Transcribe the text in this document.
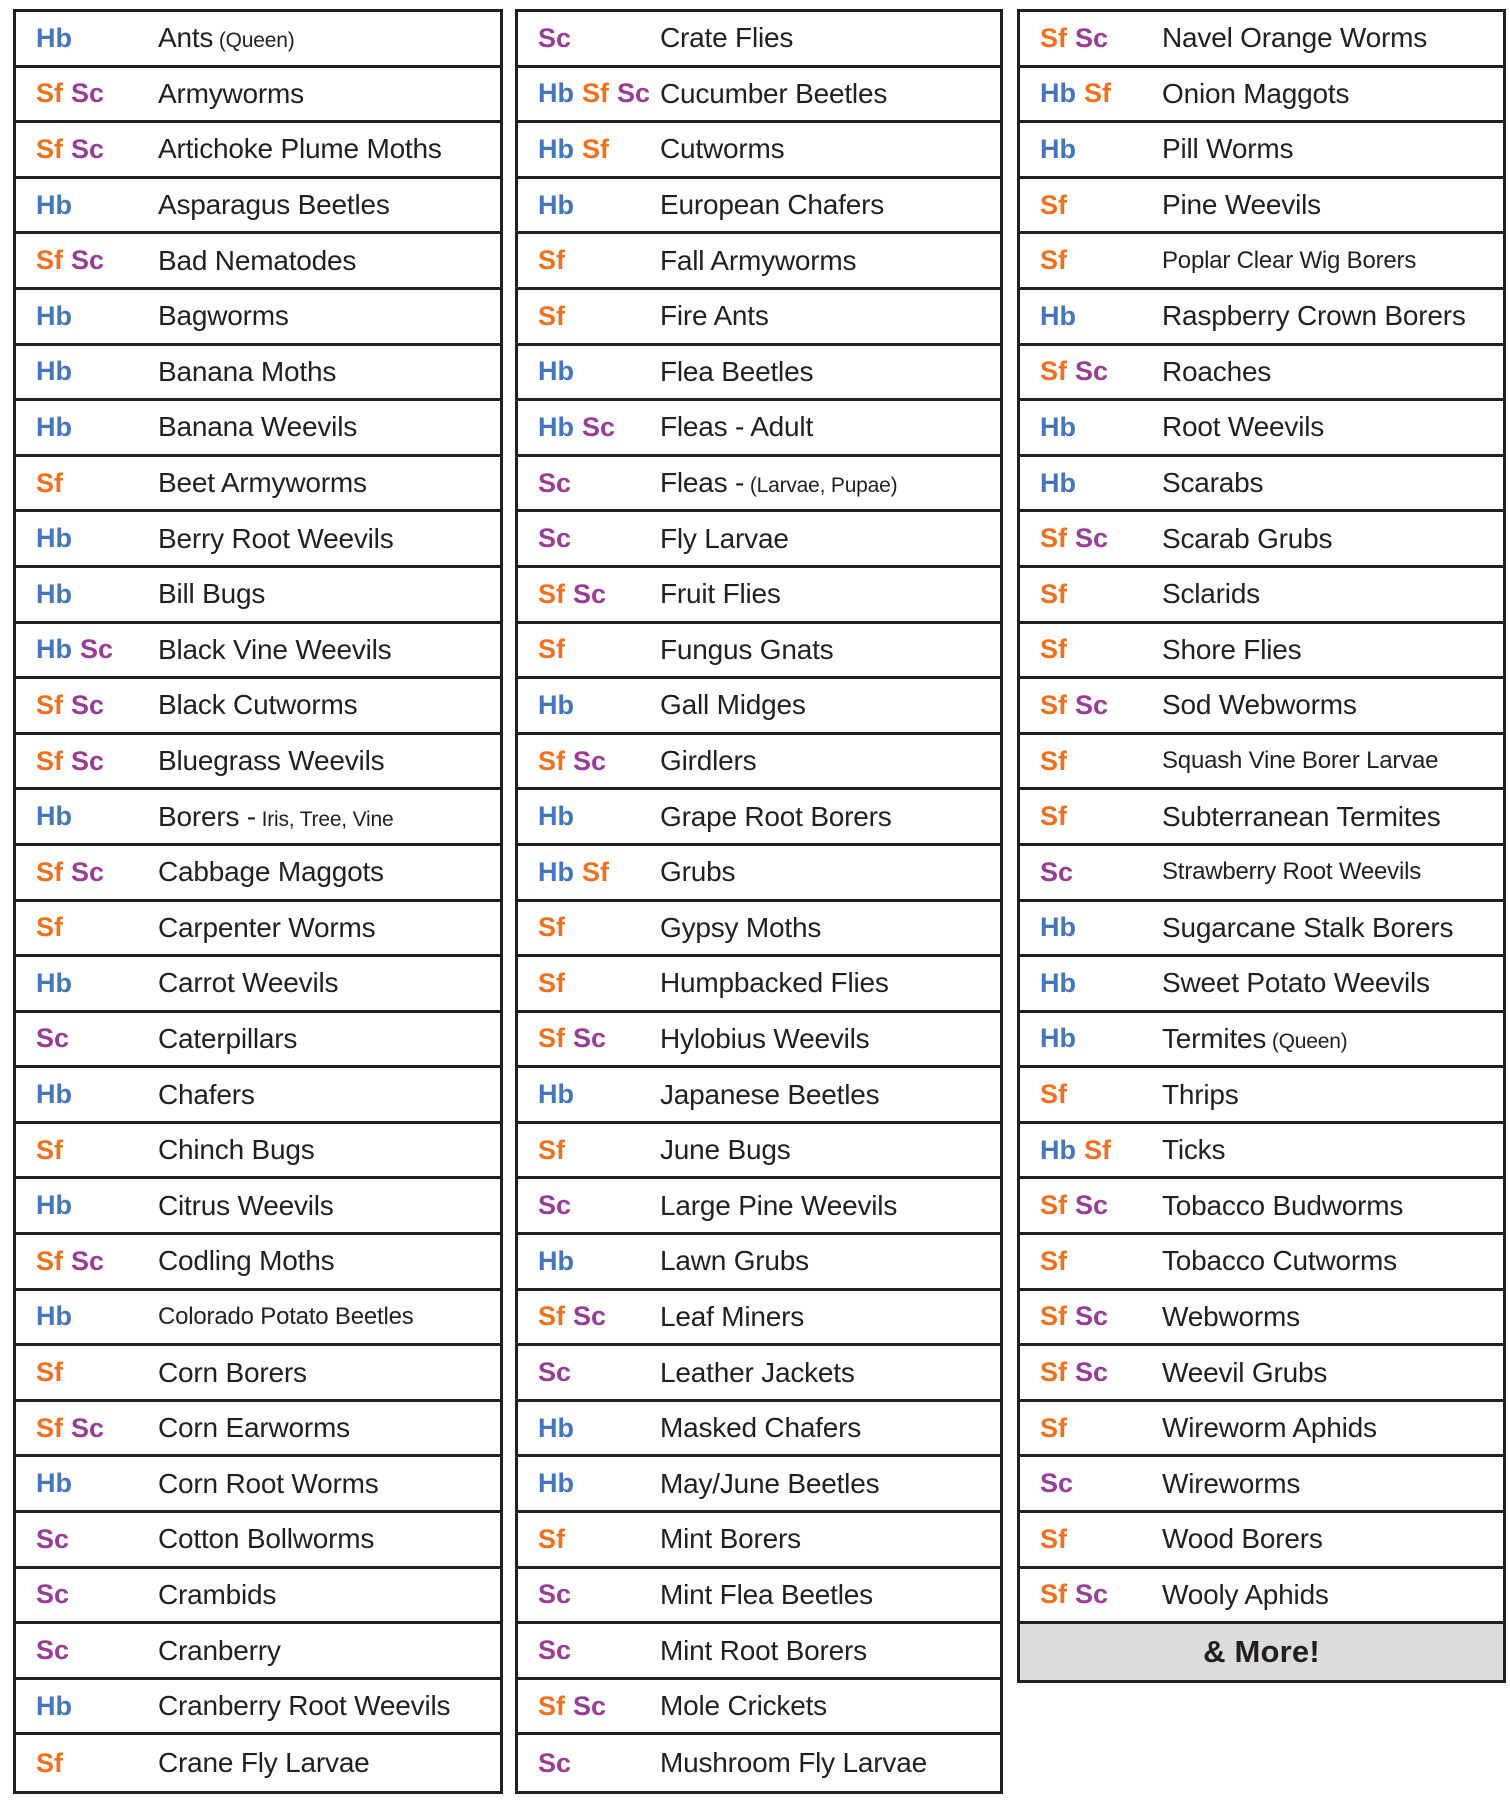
Hb	Ants (Queen)
Sf Sc	Armyworms
Sf Sc	Artichoke Plume Moths
Hb	Asparagus Beetles
Sf Sc	Bad Nematodes
Hb	Bagworms
Hb	Banana Moths
Hb	Banana Weevils
Sf	Beet Armyworms
Hb	Berry Root Weevils
Hb	Bill Bugs
Hb Sc	Black Vine Weevils
Sf Sc	Black Cutworms
Sf Sc	Bluegrass Weevils
Hb	Borers - Iris, Tree, Vine
Sf Sc	Cabbage Maggots
Sf	Carpenter Worms
Hb	Carrot Weevils
Sc	Caterpillars
Hb	Chafers
Sf	Chinch Bugs
Hb	Citrus Weevils
Sf Sc	Codling Moths
Hb	Colorado Potato Beetles
Sf	Corn Borers
Sf Sc	Corn Earworms
Hb	Corn Root Worms
Sc	Cotton Bollworms
Sc	Crambids
Sc	Cranberry
Hb	Cranberry Root Weevils
Sf	Crane Fly Larvae
Sc	Crate Flies
Hb Sf Sc Cucumber Beetles
Hb Sf	Cutworms
Hb	European Chafers
Sf	Fall Armyworms
Sf	Fire Ants
Hb	Flea Beetles
Hb Sc	Fleas - Adult
Sc	Fleas - (Larvae, Pupae)
Sc	Fly Larvae
Sf Sc	Fruit Flies
Sf	Fungus Gnats
Hb	Gall Midges
Sf Sc	Girdlers
Hb	Grape Root Borers
Hb Sf	Grubs
Sf	Gypsy Moths
Sf	Humpbacked Flies
Sf Sc	Hylobius Weevils
Hb	Japanese Beetles
Sf	June Bugs
Sc	Large Pine Weevils
Hb	Lawn Grubs
Sf Sc	Leaf Miners
Sc	Leather Jackets
Hb	Masked Chafers
Hb	May/June Beetles
Sf	Mint Borers
Sc	Mint Flea Beetles
Sc	Mint Root Borers
Sf Sc	Mole Crickets
Sc	Mushroom Fly Larvae
Sf Sc	Navel Orange Worms
Hb Sf	Onion Maggots
Hb	Pill Worms
Sf	Pine Weevils
Sf	Poplar Clear Wig Borers
Hb	Raspberry Crown Borers
Sf Sc	Roaches
Hb	Root Weevils
Hb	Scarabs
Sf Sc	Scarab Grubs
Sf	Sclarids
Sf	Shore Flies
Sf Sc	Sod Webworms
Sf	Squash Vine Borer Larvae
Sf	Subterranean Termites
Sc	Strawberry Root Weevils
Hb	Sugarcane Stalk Borers
Hb	Sweet Potato Weevils
Hb	Termites (Queen)
Sf	Thrips
Hb Sf	Ticks
Sf Sc	Tobacco Budworms
Sf	Tobacco Cutworms
Sf Sc	Webworms
Sf Sc	Weevil Grubs
Sf	Wireworm Aphids
Sc	Wireworms
Sf	Wood Borers
Sf Sc	Wooly Aphids
& More!
